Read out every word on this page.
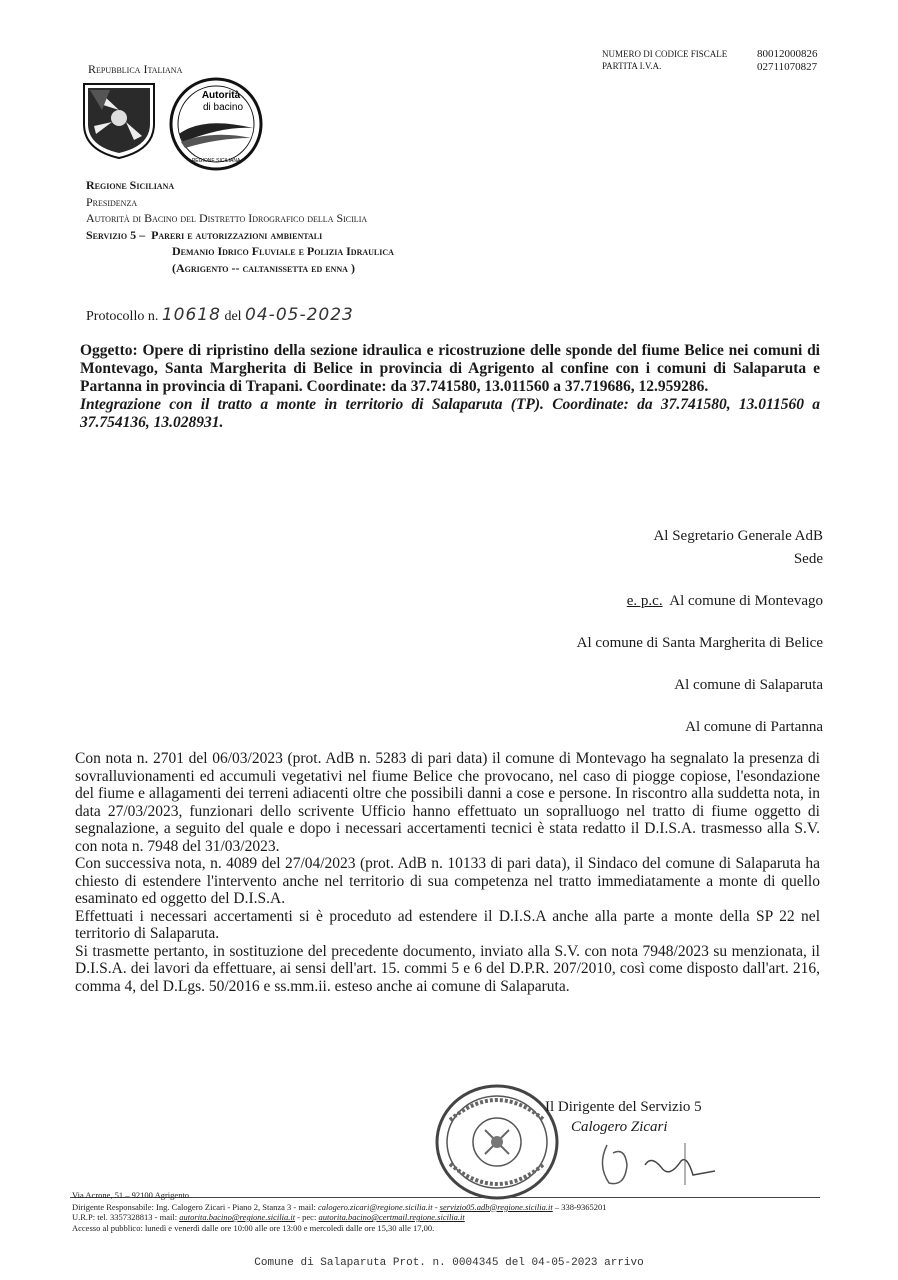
NUMERO DI CODICE FISCALE
PARTITA I.V.A.
80012000826
02711070827
Repubblica Italiana
Autorità
di bacino
REGIONE SICILIANA
Regione Siciliana
Presidenza
Autorità di Bacino del Distretto Idrografico della Sicilia
Servizio 5 – Pareri e autorizzazioni ambientali
Demanio Idrico Fluviale e Polizia Idraulica
(Agrigento -- caltanissetta ed enna )
Protocollo n. 10618 del 04-05-2023
Oggetto: Opere di ripristino della sezione idraulica e ricostruzione delle sponde del fiume Belice nei comuni di Montevago, Santa Margherita di Belice in provincia di Agrigento al confine con i comuni di Salaparuta e Partanna in provincia di Trapani. Coordinate: da 37.741580, 13.011560 a 37.719686, 12.959286.
Integrazione con il tratto a monte in territorio di Salaparuta (TP). Coordinate: da 37.741580, 13.011560 a 37.754136, 13.028931.
Al Segretario Generale AdB
Sede
e. p.c. Al comune di Montevago
Al comune di Santa Margherita di Belice
Al comune di Salaparuta
Al comune di Partanna

Con nota n. 2701 del 06/03/2023 (prot. AdB n. 5283 di pari data) il comune di Montevago ha segnalato la presenza di sovralluvionamenti ed accumuli vegetativi nel fiume Belice che provocano, nel caso di piogge copiose, l'esondazione del fiume e allagamenti dei terreni adiacenti oltre che possibili danni a cose e persone. In riscontro alla suddetta nota, in data 27/03/2023, funzionari dello scrivente Ufficio hanno effettuato un sopralluogo nel tratto di fiume oggetto di segnalazione, a seguito del quale e dopo i necessari accertamenti tecnici è stata redatto il D.I.S.A. trasmesso alla S.V. con nota n. 7948 del 31/03/2023.

Con successiva nota, n. 4089 del 27/04/2023 (prot. AdB n. 10133 di pari data), il Sindaco del comune di Salaparuta ha chiesto di estendere l'intervento anche nel territorio di sua competenza nel tratto immediatamente a monte di quello esaminato ed oggetto del D.I.S.A.

Effettuati i necessari accertamenti si è proceduto ad estendere il D.I.S.A anche alla parte a monte della SP 22 nel territorio di Salaparuta.

Si trasmette pertanto, in sostituzione del precedente documento, inviato alla S.V. con nota 7948/2023 su menzionata, il D.I.S.A. dei lavori da effettuare, ai sensi dell'art. 15. commi 5 e 6 del D.P.R. 207/2010, così come disposto dall'art. 216, comma 4, del D.Lgs. 50/2016 e ss.mm.ii. esteso anche ai comune di Salaparuta.

Il Dirigente del Servizio 5
Calogero Zicari
Via Acrone, 51 – 92100 Agrigento
Dirigente Responsabile: Ing. Calogero Zicari - Piano 2, Stanza 3 - mail: calogero.zicari@regione.sicilia.it - servizio05.adb@regione.sicilia.it – 338-9365201
U.R.P: tel. 3357328813 - mail: autorita.bacino@regione.sicilia.it - pec: autorita.bacino@certmail.regione.sicilia.it
Accesso al pubblico: lunedì e venerdì dalle ore 10:00 alle ore 13:00 e mercoledì dalle ore 15,30 alle 17,00.
Comune di Salaparuta Prot. n. 0004345 del 04-05-2023 arrivo
